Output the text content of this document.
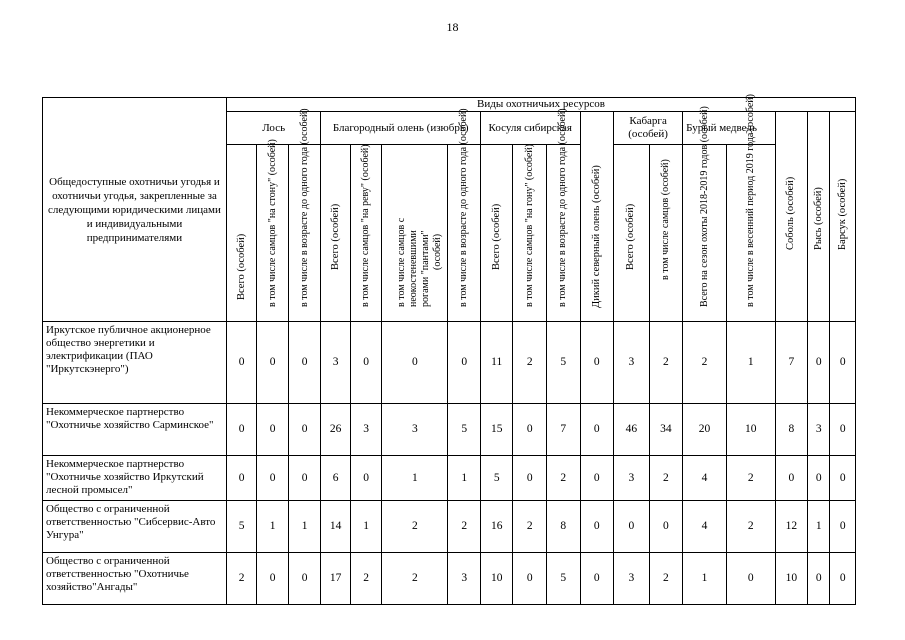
18
Общедоступные охотничьи угодья и охотничьи угодья, закрепленные за следующими юридическими лицами и индивидуальными предпринимателями	Виды охотничьих ресурсов																	
	Лось			Благородный олень (изюбрь)				Косуля сибирская			Дикий северный олень (особей)	Кабарга (особей)		Бурый медведь		Соболь (особей)	Рысь (особей)	Барсук (особей)

	Всего (особей)	в том числе самцов "на стону" (особей)	в том числе в возрасте до одного года (особей)	Всего (особей)	в том числе самцов "на реву" (особей)	в том числе самцов с неокостеневшими рогами "пантами" (особей)	в том числе в возрасте до одного года (особей)	Всего (особей)	в том числе самцов "на гону" (особей)	в том числе в возрасте до одного года (особей)		Всего (особей)	в том числе самцов (особей)	Всего на сезон охоты 2018-2019 годов (особей)	в том числе в весенний период 2019 года (особей)			

Иркутское публичное акционерное общество энергетики и электрификации (ПАО "Иркутскэнерго")	0	0	0	3	0	0	0	11	2	5	0	3	2	2	1	7	0	0
Некоммерческое партнерство "Охотничье хозяйство Сарминское"	0	0	0	26	3	3	5	15	0	7	0	46	34	20	10	8	3	0
Некоммерческое партнерство "Охотничье хозяйство Иркутский лесной промысел"	0	0	0	6	0	1	1	5	0	2	0	3	2	4	2	0	0	0
Общество с ограниченной ответственностью "Сибсервис-Авто Унгура"	5	1	1	14	1	2	2	16	2	8	0	0	0	4	2	12	1	0
Общество с ограниченной ответственностью "Охотничье хозяйство"Ангады"	2	0	0	17	2	2	3	10	0	5	0	3	2	1	0	10	0	0
